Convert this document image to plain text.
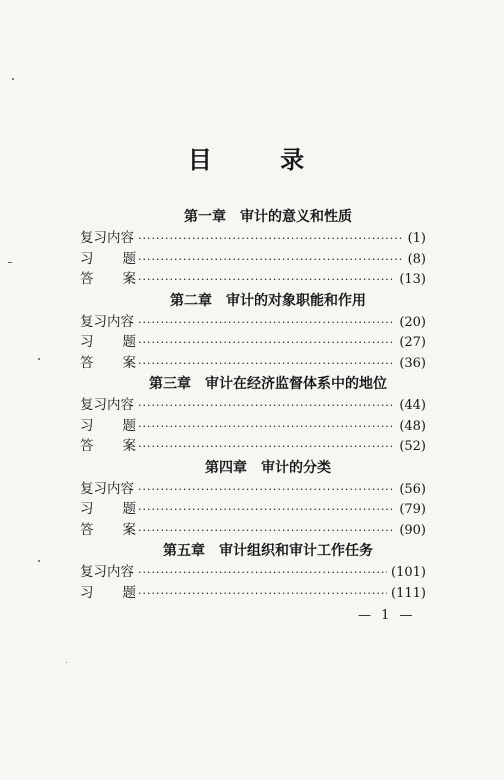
目 录
第一章 审计的意义和性质
复习内容 ·····	(1)
习 题 ·····	(8)
答 案 ·····	(13)
第二章 审计的对象职能和作用
复习内容 ·····	(20)
习 题 ·····	(27)
答 案 ·····	(36)
第三章 审计在经济监督体系中的地位
复习内容 ·····	(44)
习 题 ·····	(48)
答 案 ·····	(52)
第四章 审计的分类
复习内容 ·····	(56)
习 题 ·····	(79)
答 案 ·····	(90)
第五章 审计组织和审计工作任务
复习内容 ·····	(101)
习 题 ·····	(111)
— 1 —
